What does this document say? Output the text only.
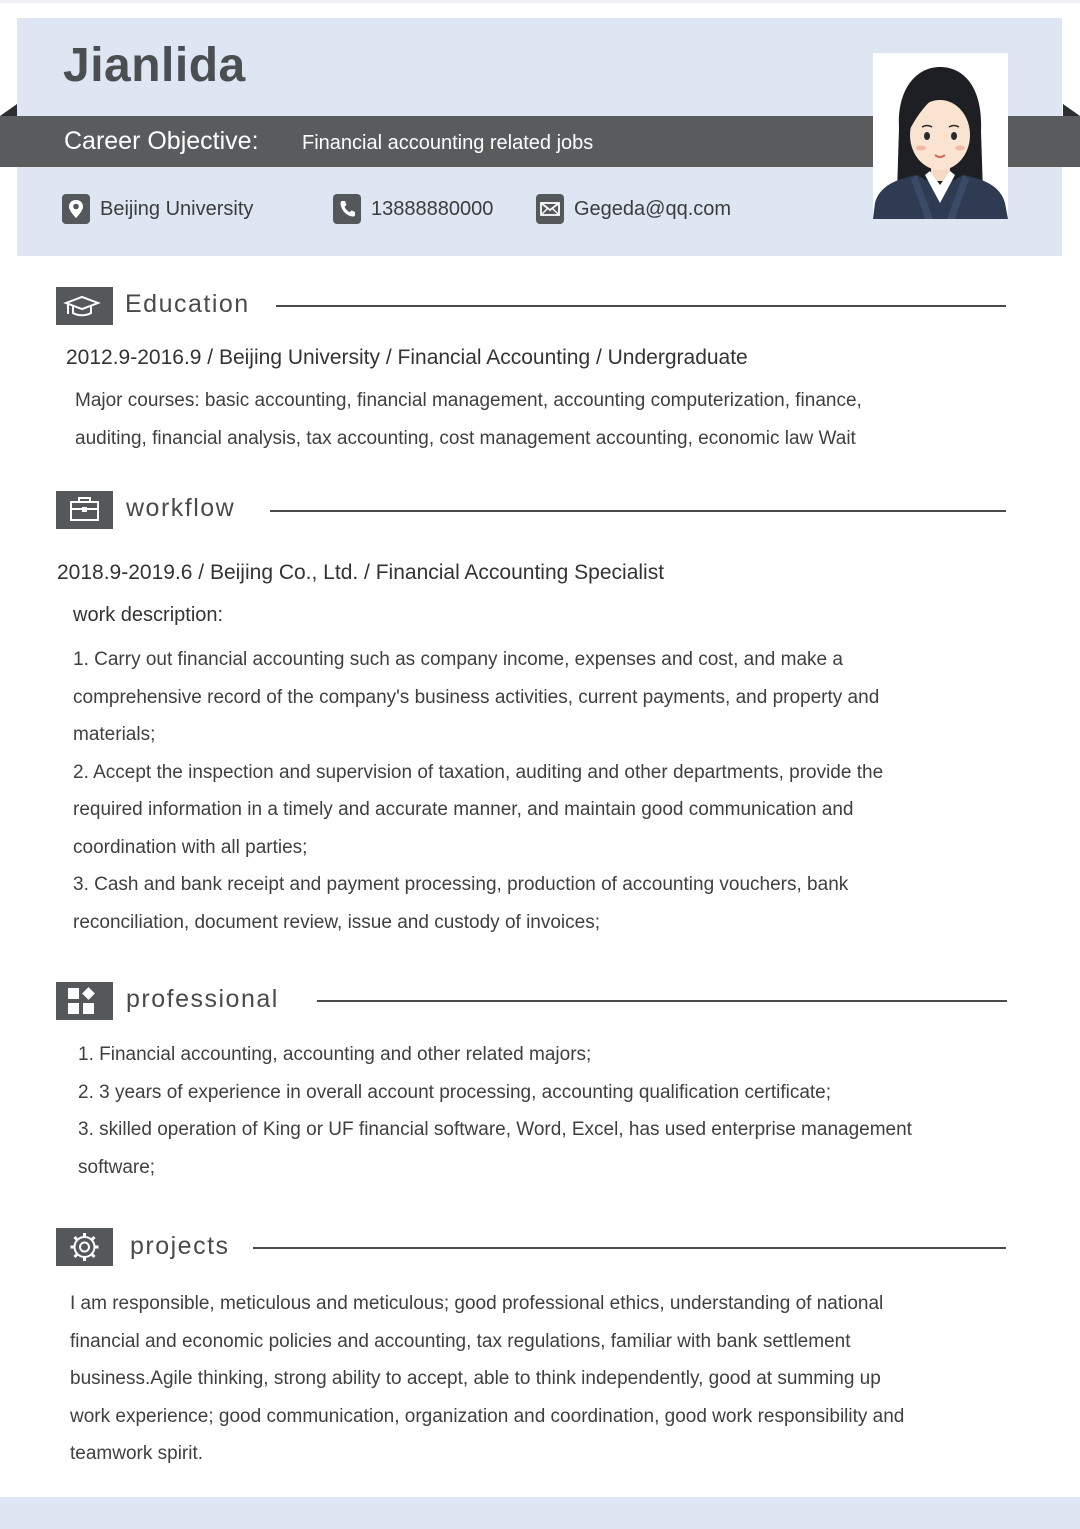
Jianlida
Career Objective: Financial accounting related jobs
Beijing University	13888880000	Gegeda@qq.com
Education
2012.9-2016.9 / Beijing University / Financial Accounting / Undergraduate
Major courses: basic accounting, financial management, accounting computerization, finance,
auditing, financial analysis, tax accounting, cost management accounting, economic law Wait
workflow
2018.9-2019.6 / Beijing Co., Ltd. / Financial Accounting Specialist
work description:
1. Carry out financial accounting such as company income, expenses and cost, and make a
comprehensive record of the company's business activities, current payments, and property and
materials;
2. Accept the inspection and supervision of taxation, auditing and other departments, provide the
required information in a timely and accurate manner, and maintain good communication and
coordination with all parties;
3. Cash and bank receipt and payment processing, production of accounting vouchers, bank
reconciliation, document review, issue and custody of invoices;
professional
1. Financial accounting, accounting and other related majors;
2. 3 years of experience in overall account processing, accounting qualification certificate;
3. skilled operation of King or UF financial software, Word, Excel, has used enterprise management
software;
projects
I am responsible, meticulous and meticulous; good professional ethics, understanding of national
financial and economic policies and accounting, tax regulations, familiar with bank settlement
business.Agile thinking, strong ability to accept, able to think independently, good at summing up
work experience; good communication, organization and coordination, good work responsibility and
teamwork spirit.
